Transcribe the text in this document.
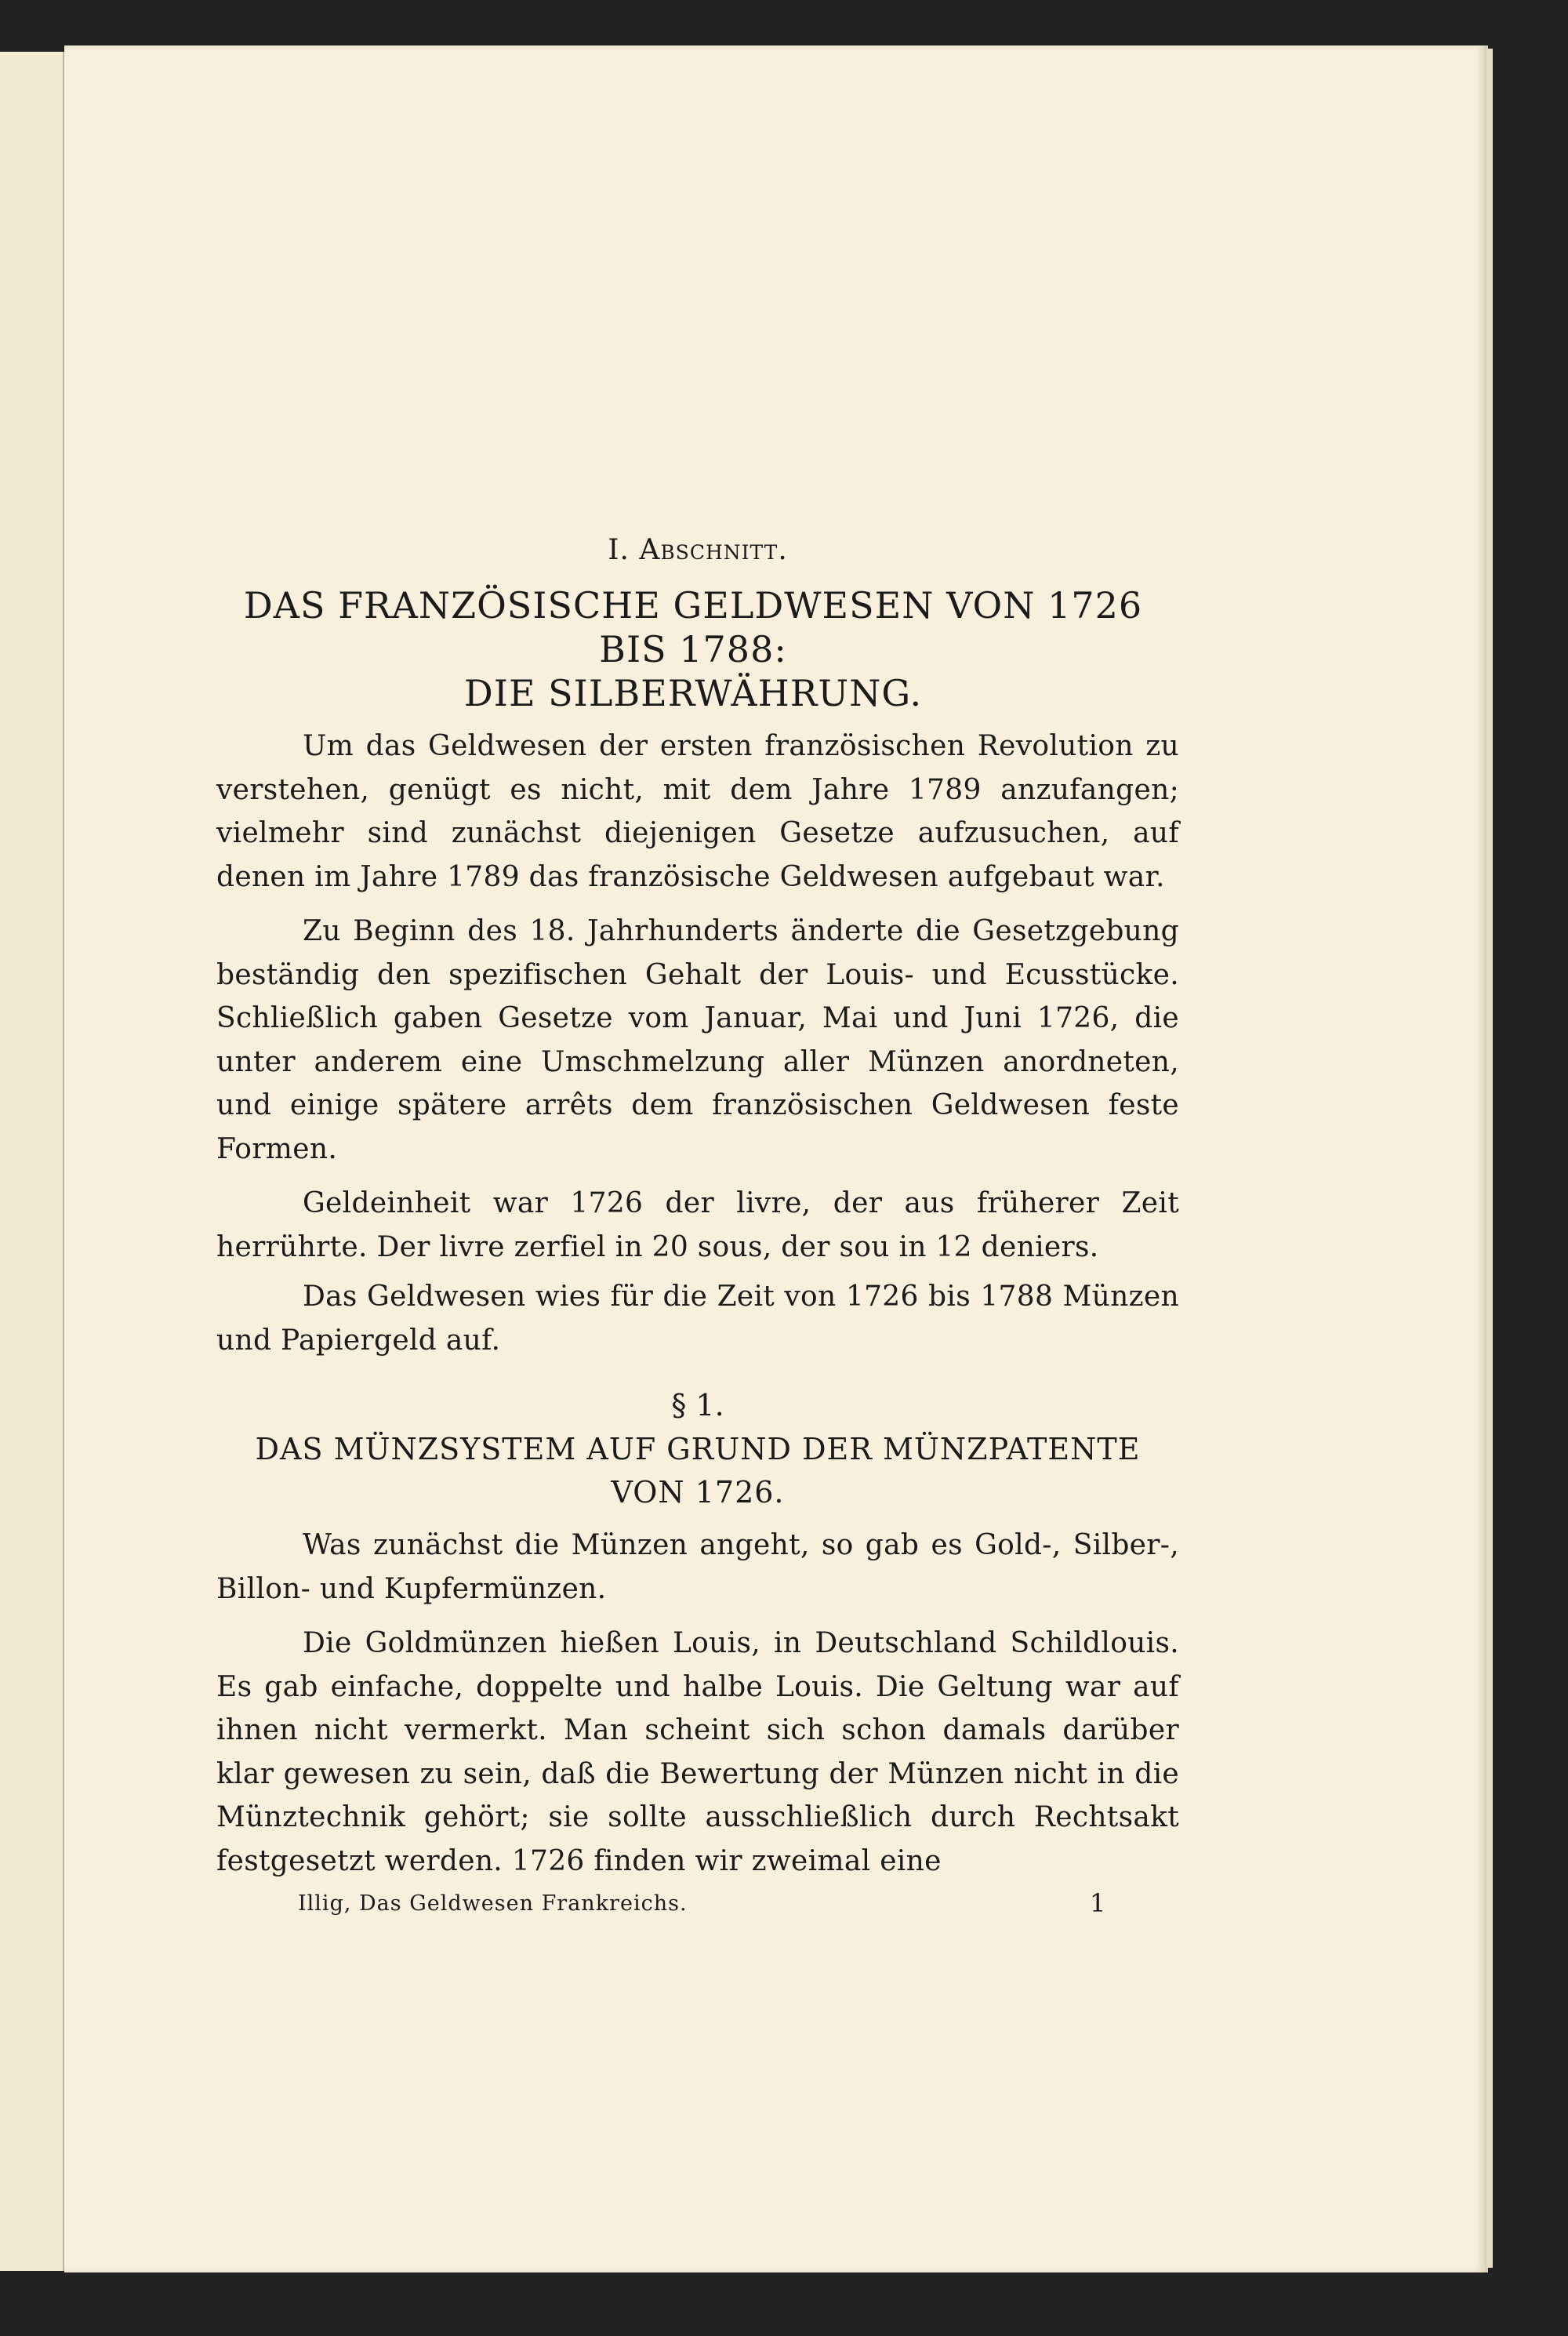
I. Abschnitt.
DAS FRANZÖSISCHE GELDWESEN VON 1726
BIS 1788:
DIE SILBERWÄHRUNG.

Um das Geldwesen der ersten französischen Revolution zu verstehen, genügt es nicht, mit dem Jahre 1789 anzufangen; vielmehr sind zunächst diejenigen Gesetze aufzusuchen, auf denen im Jahre 1789 das französische Geldwesen aufgebaut war.

Zu Beginn des 18. Jahrhunderts änderte die Gesetzgebung beständig den spezifischen Gehalt der Louis- und Ecusstücke. Schließlich gaben Gesetze vom Januar, Mai und Juni 1726, die unter anderem eine Umschmelzung aller Münzen anordneten, und einige spätere arrêts dem französischen Geldwesen feste Formen.

Geldeinheit war 1726 der livre, der aus früherer Zeit herrührte. Der livre zerfiel in 20 sous, der sou in 12 deniers.

Das Geldwesen wies für die Zeit von 1726 bis 1788 Münzen und Papiergeld auf.

§ 1.
DAS MÜNZSYSTEM AUF GRUND DER MÜNZPATENTE
VON 1726.

Was zunächst die Münzen angeht, so gab es Gold-, Silber-, Billon- und Kupfermünzen.

Die Goldmünzen hießen Louis, in Deutschland Schildlouis. Es gab einfache, doppelte und halbe Louis. Die Geltung war auf ihnen nicht vermerkt. Man scheint sich schon damals darüber klar gewesen zu sein, daß die Bewertung der Münzen nicht in die Münztechnik gehört; sie sollte ausschließlich durch Rechtsakt festgesetzt werden. 1726 finden wir zweimal eine

Illig, Das Geldwesen Frankreichs.	1
